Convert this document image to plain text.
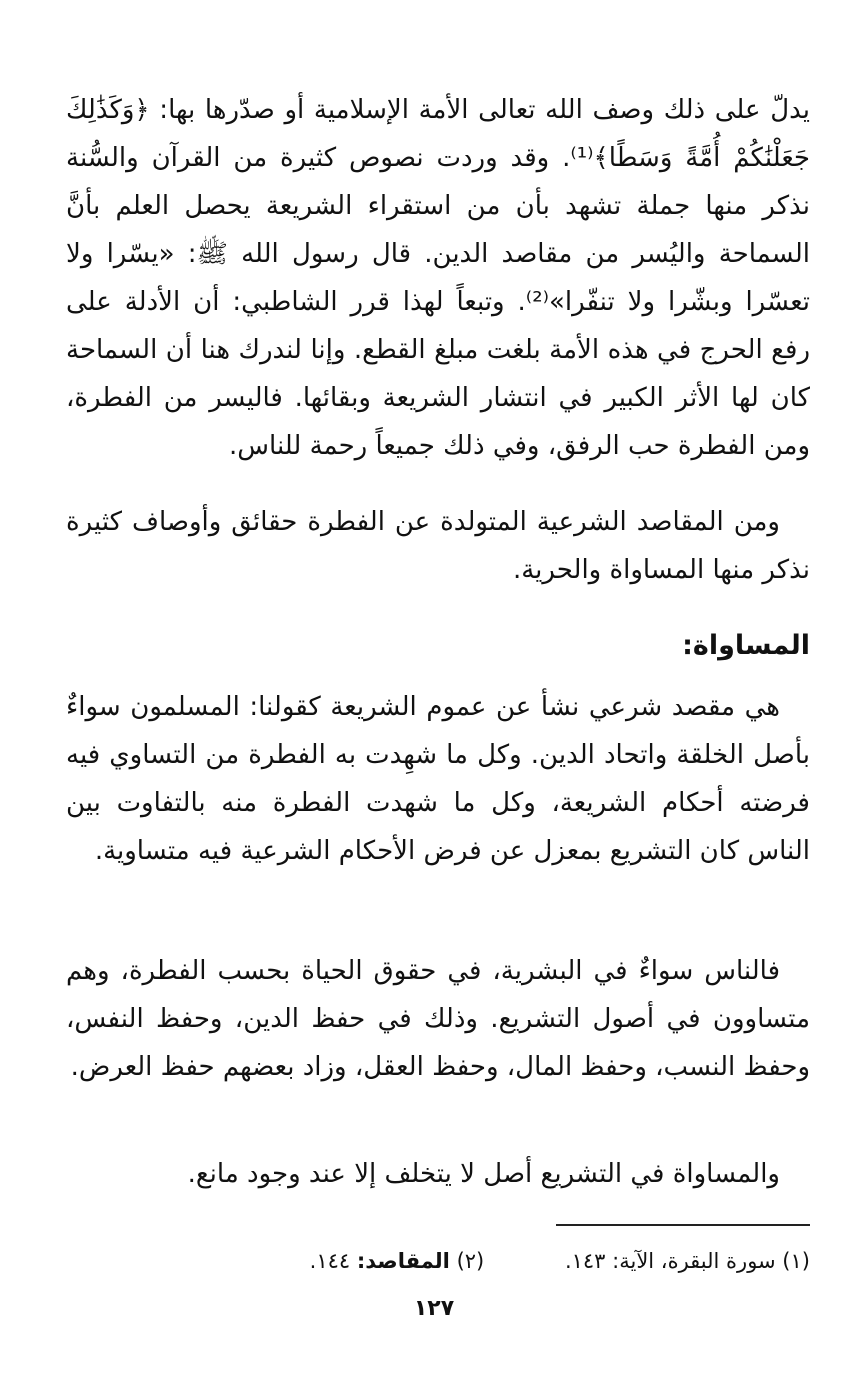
يدلّ على ذلك وصف الله تعالى الأمة الإسلامية أو صدّرها بها: ﴿وَكَذَٰلِكَ جَعَلْنَٰكُمْ أُمَّةً وَسَطًا﴾⁽¹⁾. وقد وردت نصوص كثيرة من القرآن والسُّنة نذكر منها جملة تشهد بأن من استقراء الشريعة يحصل العلم بأنَّ السماحة واليُسر من مقاصد الدين. قال رسول الله ﷺ: «يسّرا ولا تعسّرا وبشّرا ولا تنفّرا»⁽²⁾. وتبعاً لهذا قرر الشاطبي: أن الأدلة على رفع الحرج في هذه الأمة بلغت مبلغ القطع. وإنا لندرك هنا أن السماحة كان لها الأثر الكبير في انتشار الشريعة وبقائها. فاليسر من الفطرة، ومن الفطرة حب الرفق، وفي ذلك جميعاً رحمة للناس.
ومن المقاصد الشرعية المتولدة عن الفطرة حقائق وأوصاف كثيرة نذكر منها المساواة والحرية.
المساواة:
هي مقصد شرعي نشأ عن عموم الشريعة كقولنا: المسلمون سواءٌ بأصل الخلقة واتحاد الدين. وكل ما شهِدت به الفطرة من التساوي فيه فرضته أحكام الشريعة، وكل ما شهدت الفطرة منه بالتفاوت بين الناس كان التشريع بمعزل عن فرض الأحكام الشرعية فيه متساوية.
فالناس سواءٌ في البشرية، في حقوق الحياة بحسب الفطرة، وهم متساوون في أصول التشريع. وذلك في حفظ الدين، وحفظ النفس، وحفظ النسب، وحفظ المال، وحفظ العقل، وزاد بعضهم حفظ العرض.
والمساواة في التشريع أصل لا يتخلف إلا عند وجود مانع.
(١) سورة البقرة، الآية: ١٤٣. (٢) المقاصد: ١٤٤.
١٢٧
